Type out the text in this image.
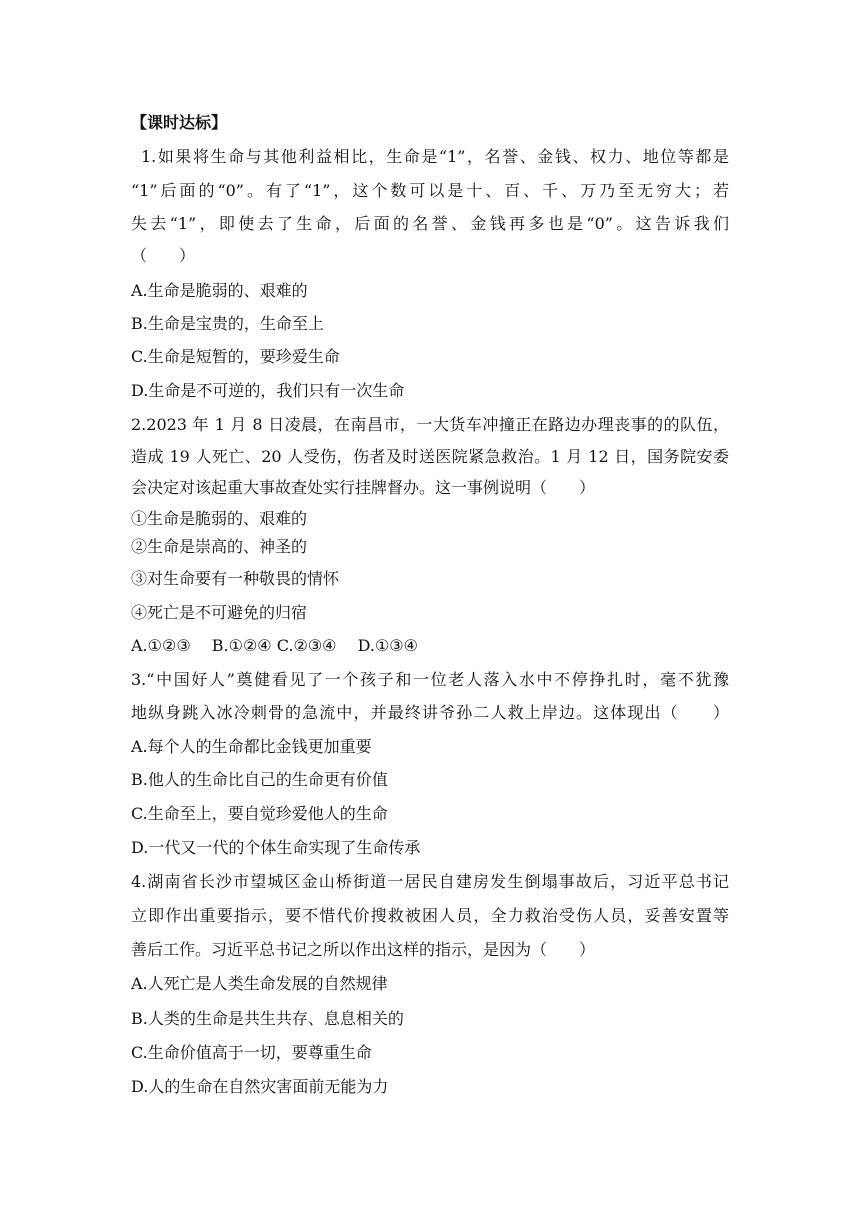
【课时达标】
1.如果将生命与其他利益相比，生命是“1”，名誉、金钱、权力、地位等都是
“1”后面的“0”。有了“1”，这个数可以是十、百、千、万乃至无穷大；若
失去“1”，即使去了生命，后面的名誉、金钱再多也是“0”。这告诉我们
（　　）
A.生命是脆弱的、艰难的
B.生命是宝贵的，生命至上
C.生命是短暂的，要珍爱生命
D.生命是不可逆的，我们只有一次生命
2.2023 年 1 月 8 日凌晨，在南昌市，一大货车冲撞正在路边办理丧事的的队伍，
造成 19 人死亡、20 人受伤，伤者及时送医院紧急救治。1 月 12 日，国务院安委
会决定对该起重大事故查处实行挂牌督办。这一事例说明（　　）
①生命是脆弱的、艰难的
②生命是崇高的、神圣的
③对生命要有一种敬畏的情怀
④死亡是不可避免的归宿
A.①②③　 B.①②④ C.②③④　 D.①③④
3.“中国好人”奠健看见了一个孩子和一位老人落入水中不停挣扎时，毫不犹豫
地纵身跳入冰冷刺骨的急流中，并最终讲爷孙二人救上岸边。这体现出（　　）
A.每个人的生命都比金钱更加重要
B.他人的生命比自己的生命更有价值
C.生命至上，要自觉珍爱他人的生命
D.一代又一代的个体生命实现了生命传承
4.湖南省长沙市望城区金山桥街道一居民自建房发生倒塌事故后，习近平总书记
立即作出重要指示，要不惜代价搜救被困人员，全力救治受伤人员，妥善安置等
善后工作。习近平总书记之所以作出这样的指示，是因为（　　）
A.人死亡是人类生命发展的自然规律
B.人类的生命是共生共存、息息相关的
C.生命价值高于一切，要尊重生命
D.人的生命在自然灾害面前无能为力
